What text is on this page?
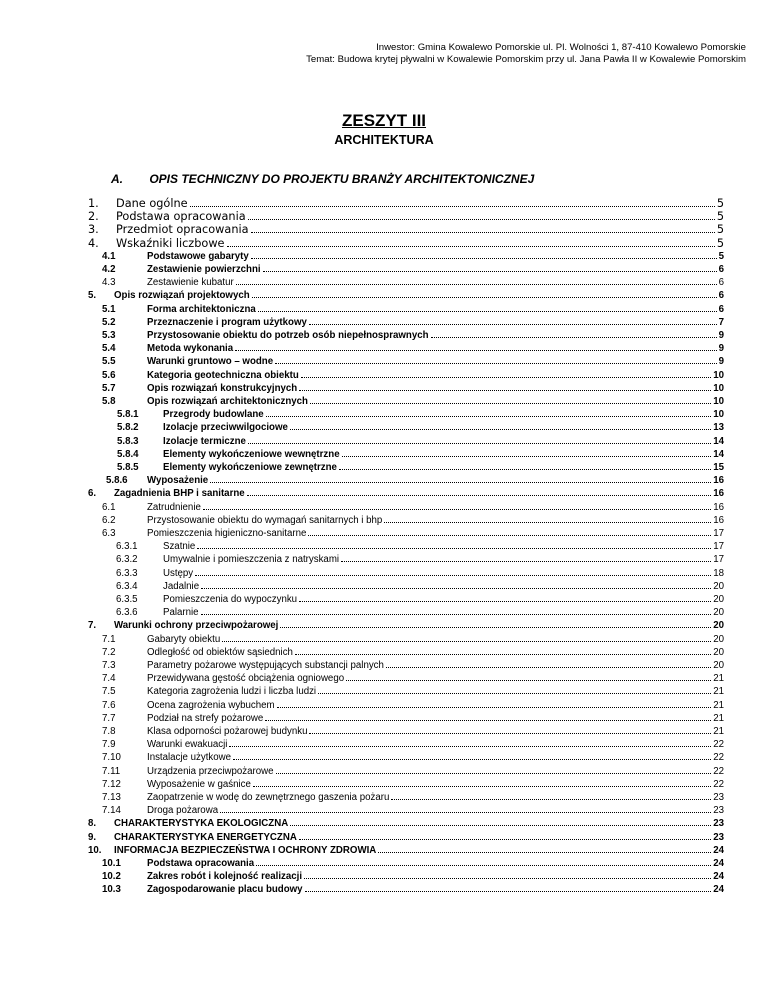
Inwestor: Gmina Kowalewo Pomorskie ul. Pl. Wolności 1, 87-410 Kowalewo Pomorskie
Temat: Budowa krytej pływalni w Kowalewie Pomorskim przy ul. Jana Pawła II w Kowalewie Pomorskim
ZESZYT III
ARCHITEKTURA
A. OPIS TECHNICZNY DO PROJEKTU BRANŻY ARCHITEKTONICZNEJ
1. Dane ogólne	5
2. Podstawa opracowania	5
3. Przedmiot opracowania	5
4. Wskaźniki liczbowe	5
4.1	Podstawowe gabaryty	5
4.2	Zestawienie powierzchni	6
4.3	Zestawienie kubatur	6
5. Opis rozwiązań projektowych	6
5.1	Forma architektoniczna	6
5.2	Przeznaczenie i program użytkowy	7
5.3	Przystosowanie obiektu do potrzeb osób niepełnosprawnych	9
5.4	Metoda wykonania	9
5.5	Warunki gruntowo – wodne	9
5.6	Kategoria geotechniczna obiektu	10
5.7	Opis rozwiązań konstrukcyjnych	10
5.8	Opis rozwiązań architektonicznych	10
5.8.1	Przegrody budowlane	10
5.8.2	Izolacje przeciwwilgociowe	13
5.8.3	Izolacje termiczne	14
5.8.4	Elementy wykończeniowe wewnętrzne	14
5.8.5	Elementy wykończeniowe zewnętrzne	15
5.8.6 Wyposażenie	16
6. Zagadnienia BHP i sanitarne	16
6.1	Zatrudnienie	16
6.2	Przystosowanie obiektu do wymagań sanitarnych i bhp	16
6.3	Pomieszczenia higieniczno-sanitarne	17
6.3.1	Szatnie	17
6.3.2	Umywalnie i pomieszczenia z natryskami	17
6.3.3	Ustępy	18
6.3.4	Jadalnie	20
6.3.5	Pomieszczenia do wypoczynku	20
6.3.6	Palarnie	20
7. Warunki ochrony przeciwpożarowej	20
7.1	Gabaryty obiektu	20
7.2	Odległość od obiektów sąsiednich	20
7.3	Parametry pożarowe występujących substancji palnych	20
7.4	Przewidywana gęstość obciążenia ogniowego	21
7.5	Kategoria zagrożenia ludzi i liczba ludzi	21
7.6	Ocena zagrożenia wybuchem	21
7.7	Podział na strefy pożarowe	21
7.8	Klasa odporności pożarowej budynku	21
7.9	Warunki ewakuacji	22
7.10	Instalacje użytkowe	22
7.11	Urządzenia przeciwpożarowe	22
7.12	Wyposażenie w gaśnice	22
7.13	Zaopatrzenie w wodę do zewnętrznego gaszenia pożaru	23
7.14	Droga pożarowa	23
8. CHARAKTERYSTYKA EKOLOGICZNA	23
9. CHARAKTERYSTYKA ENERGETYCZNA	23
10. INFORMACJA BEZPIECZEŃSTWA I OCHRONY ZDROWIA	24
10.1	Podstawa opracowania	24
10.2	Zakres robót i kolejność realizacji	24
10.3	Zagospodarowanie placu budowy	24
